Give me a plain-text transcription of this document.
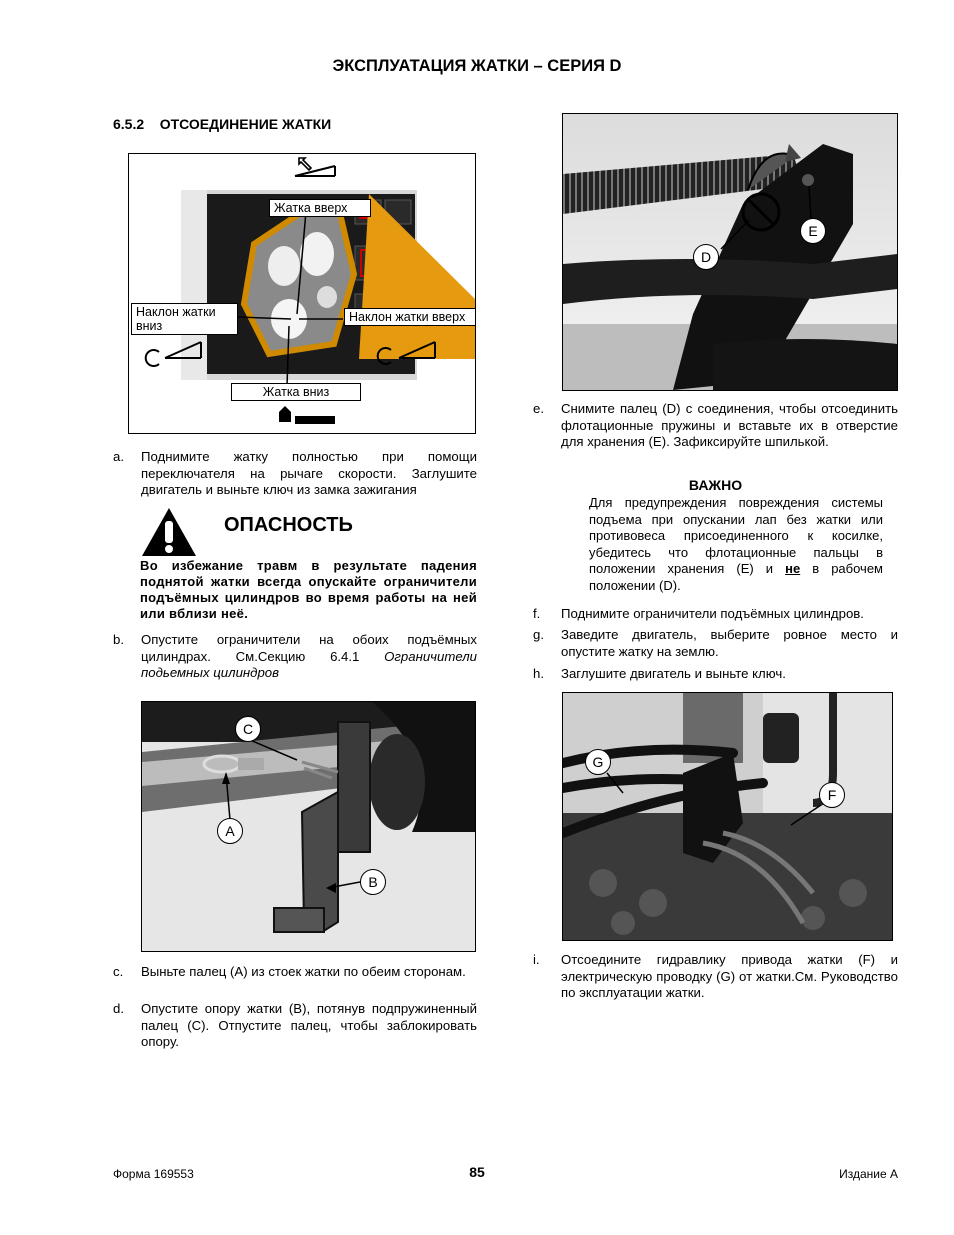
ЭКСПЛУАТАЦИЯ ЖАТКИ – СЕРИЯ D
6.5.2 ОТСОЕДИНЕНИЕ ЖАТКИ
Жатка вверх
Наклон жатки вниз
Наклон жатки вверх
Жатка вниз
a. Поднимите жатку полностью при помощи переключателя на рычаге скорости. Заглушите двигатель и выньте ключ из замка зажигания
ОПАСНОСТЬ
Во избежание травм в результате падения поднятой жатки всегда опускайте ограничители подъёмных цилиндров во время работы на ней или вблизи неё.
b. Опустите ограничители на обоих подъёмных цилиндрах. См.Секцию 6.4.1 Ограничители подьемных цилиндров
C
A
B
c. Выньте палец (A) из стоек жатки по обеим сторонам.
d. Опустите опору жатки (B), потянув подпружиненный палец (C). Отпустите палец, чтобы заблокировать опору.
D
E
e. Снимите палец (D) с соединения, чтобы отсоединить флотационные пружины и вставьте их в отверстие для хранения (E). Зафиксируйте шпилькой.
ВАЖНО
Для предупреждения повреждения системы подъема при опускании лап без жатки или противовеса присоединенного к косилке, убедитесь что флотационные пальцы в положении хранения (E) и не в рабочем положении (D).
f. Поднимите ограничители подъёмных цилиндров.
g. Заведите двигатель, выберите ровное место и опустите жатку на землю.
h. Заглушите двигатель и выньте ключ.
G
F
i. Отсоедините гидравлику привода жатки (F) и электрическую проводку (G) от жатки.См. Руководство по эксплуатации жатки.
Форма 169553	85	Издание A
